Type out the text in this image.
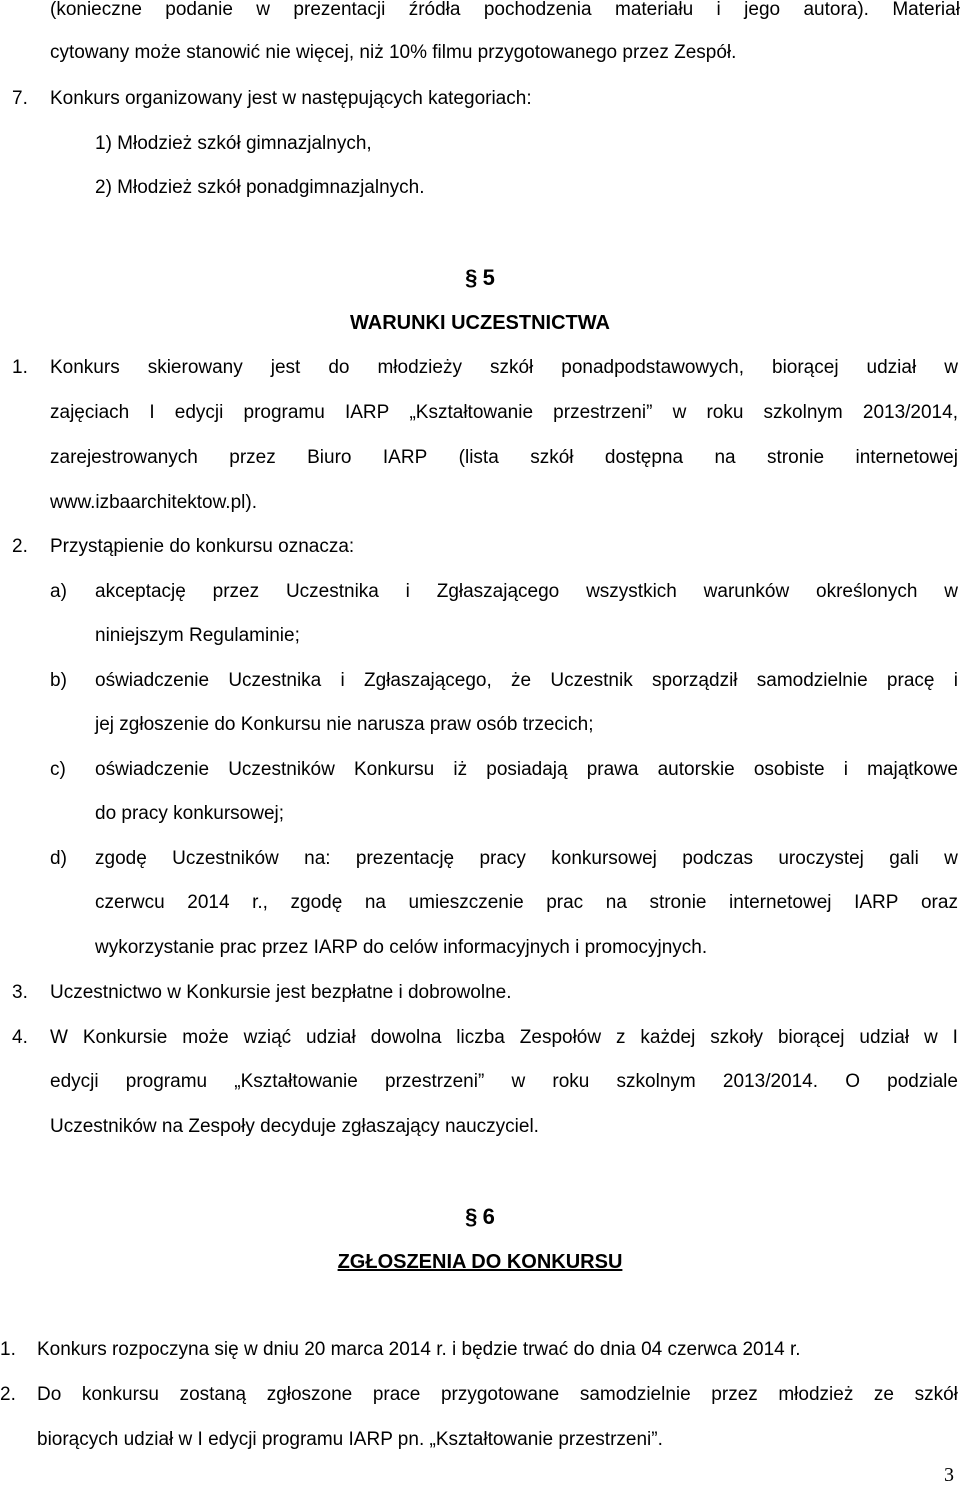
(konieczne podanie w prezentacji źródła pochodzenia materiału i jego autora). Materiał
cytowany może stanowić nie więcej, niż 10% filmu przygotowanego przez Zespół.
7. Konkurs organizowany jest w następujących kategoriach:
1) Młodzież szkół gimnazjalnych,
2) Młodzież szkół ponadgimnazjalnych.
§ 5
WARUNKI UCZESTNICTWA
1. Konkurs skierowany jest do młodzieży szkół ponadpodstawowych, biorącej udział w
zajęciach I edycji programu IARP „Kształtowanie przestrzeni” w roku szkolnym 2013/2014,
zarejestrowanych przez Biuro IARP (lista szkół dostępna na stronie internetowej
www.izbaarchitektow.pl).
2. Przystąpienie do konkursu oznacza:
a) akceptację przez Uczestnika i Zgłaszającego wszystkich warunków określonych w
niniejszym Regulaminie;
b) oświadczenie Uczestnika i Zgłaszającego, że Uczestnik sporządził samodzielnie pracę i
jej zgłoszenie do Konkursu nie narusza praw osób trzecich;
c) oświadczenie Uczestników Konkursu iż posiadają prawa autorskie osobiste i majątkowe
do pracy konkursowej;
d) zgodę Uczestników na: prezentację pracy konkursowej podczas uroczystej gali w
czerwcu 2014 r., zgodę na umieszczenie prac na stronie internetowej IARP oraz
wykorzystanie prac przez IARP do celów informacyjnych i promocyjnych.
3. Uczestnictwo w Konkursie jest bezpłatne i dobrowolne.
4. W Konkursie może wziąć udział dowolna liczba Zespołów z każdej szkoły biorącej udział w I
edycji programu „Kształtowanie przestrzeni” w roku szkolnym 2013/2014. O podziale
Uczestników na Zespoły decyduje zgłaszający nauczyciel.
§ 6
ZGŁOSZENIA DO KONKURSU
1. Konkurs rozpoczyna się w dniu 20 marca 2014 r. i będzie trwać do dnia 04 czerwca 2014 r.
2. Do konkursu zostaną zgłoszone prace przygotowane samodzielnie przez młodzież ze szkół
biorących udział w I edycji programu IARP pn. „Kształtowanie przestrzeni”.
3
